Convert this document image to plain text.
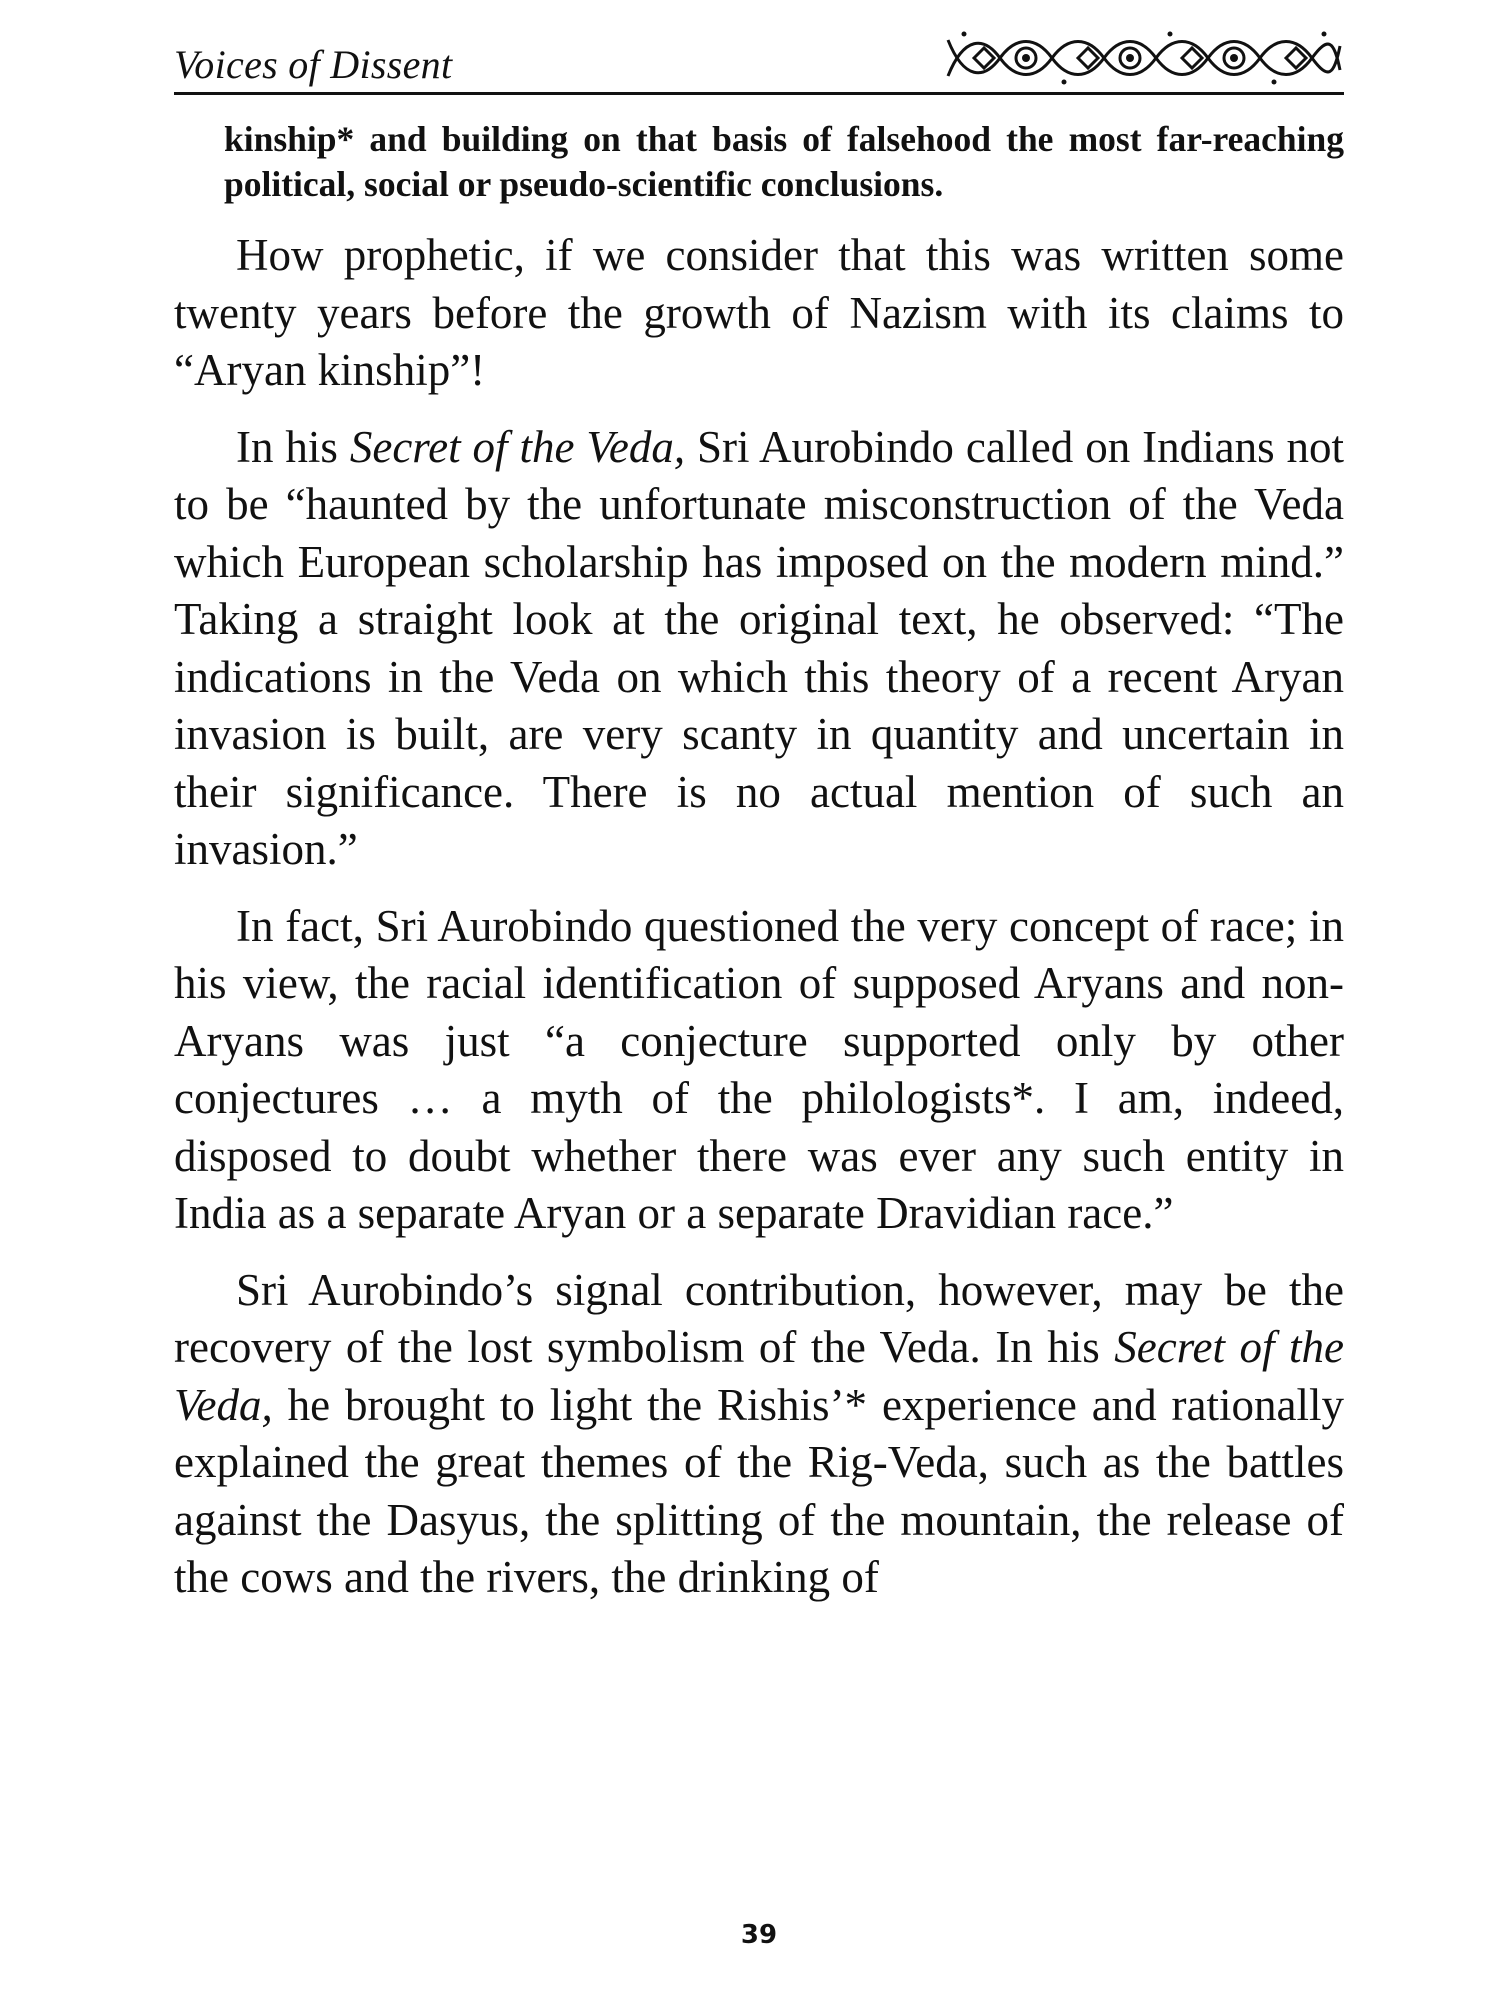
Voices of Dissent

kinship* and building on that basis of falsehood the most far-reaching political, social or pseudo-scientific conclusions.

How prophetic, if we consider that this was written some twenty years before the growth of Nazism with its claims to “Aryan kinship”!

In his Secret of the Veda, Sri Aurobindo called on Indians not to be “haunted by the unfortunate misconstruction of the Veda which European scholarship has imposed on the modern mind.” Taking a straight look at the original text, he observed: “The indications in the Veda on which this theory of a recent Aryan invasion is built, are very scanty in quantity and uncertain in their significance. There is no actual mention of such an invasion.”

In fact, Sri Aurobindo questioned the very concept of race; in his view, the racial identification of supposed Aryans and non-Aryans was just “a conjecture supported only by other conjectures … a myth of the philologists*. I am, indeed, disposed to doubt whether there was ever any such entity in India as a separate Aryan or a separate Dravidian race.”

Sri Aurobindo’s signal contribution, however, may be the recovery of the lost symbolism of the Veda. In his Secret of the Veda, he brought to light the Rishis’* experience and rationally explained the great themes of the Rig-Veda, such as the battles against the Dasyus, the splitting of the mountain, the release of the cows and the rivers, the drinking of

39
